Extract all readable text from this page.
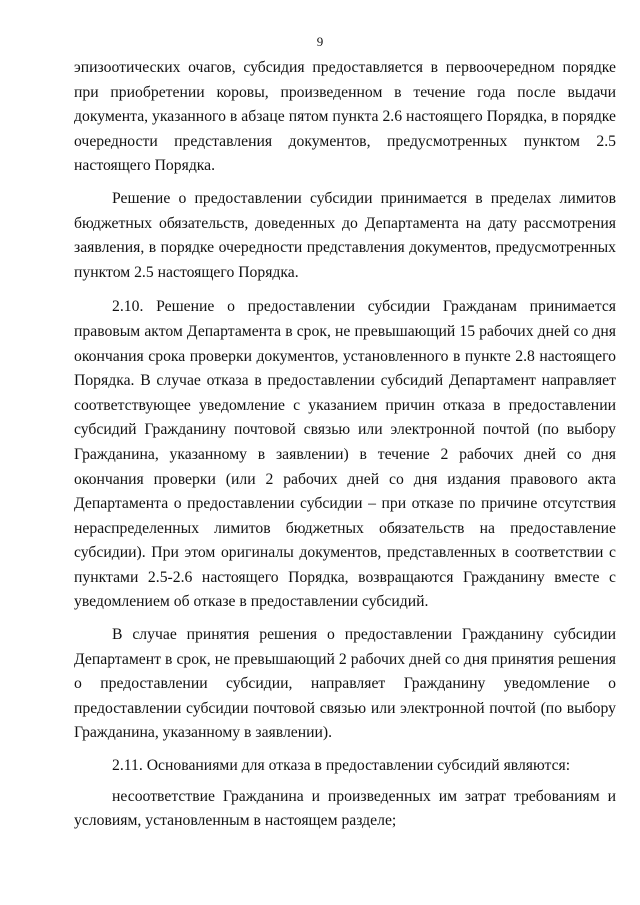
9

эпизоотических очагов, субсидия предоставляется в первоочередном порядке при приобретении коровы, произведенном в течение года после выдачи документа, указанного в абзаце пятом пункта 2.6 настоящего Порядка, в порядке очередности представления документов, предусмотренных пунктом 2.5 настоящего Порядка.

Решение о предоставлении субсидии принимается в пределах лимитов бюджетных обязательств, доведенных до Департамента на дату рассмотрения заявления, в порядке очередности представления документов, предусмотренных пунктом 2.5 настоящего Порядка.

2.10. Решение о предоставлении субсидии Гражданам принимается правовым актом Департамента в срок, не превышающий 15 рабочих дней со дня окончания срока проверки документов, установленного в пункте 2.8 настоящего Порядка. В случае отказа в предоставлении субсидий Департамент направляет соответствующее уведомление с указанием причин отказа в предоставлении субсидий Гражданину почтовой связью или электронной почтой (по выбору Гражданина, указанному в заявлении) в течение 2 рабочих дней со дня окончания проверки (или 2 рабочих дней со дня издания правового акта Департамента о предоставлении субсидии – при отказе по причине отсутствия нераспределенных лимитов бюджетных обязательств на предоставление субсидии). При этом оригиналы документов, представленных в соответствии с пунктами 2.5-2.6 настоящего Порядка, возвращаются Гражданину вместе с уведомлением об отказе в предоставлении субсидий.

В случае принятия решения о предоставлении Гражданину субсидии Департамент в срок, не превышающий 2 рабочих дней со дня принятия решения о предоставлении субсидии, направляет Гражданину уведомление о предоставлении субсидии почтовой связью или электронной почтой (по выбору Гражданина, указанному в заявлении).

2.11. Основаниями для отказа в предоставлении субсидий являются:

несоответствие Гражданина и произведенных им затрат требованиям и условиям, установленным в настоящем разделе;
